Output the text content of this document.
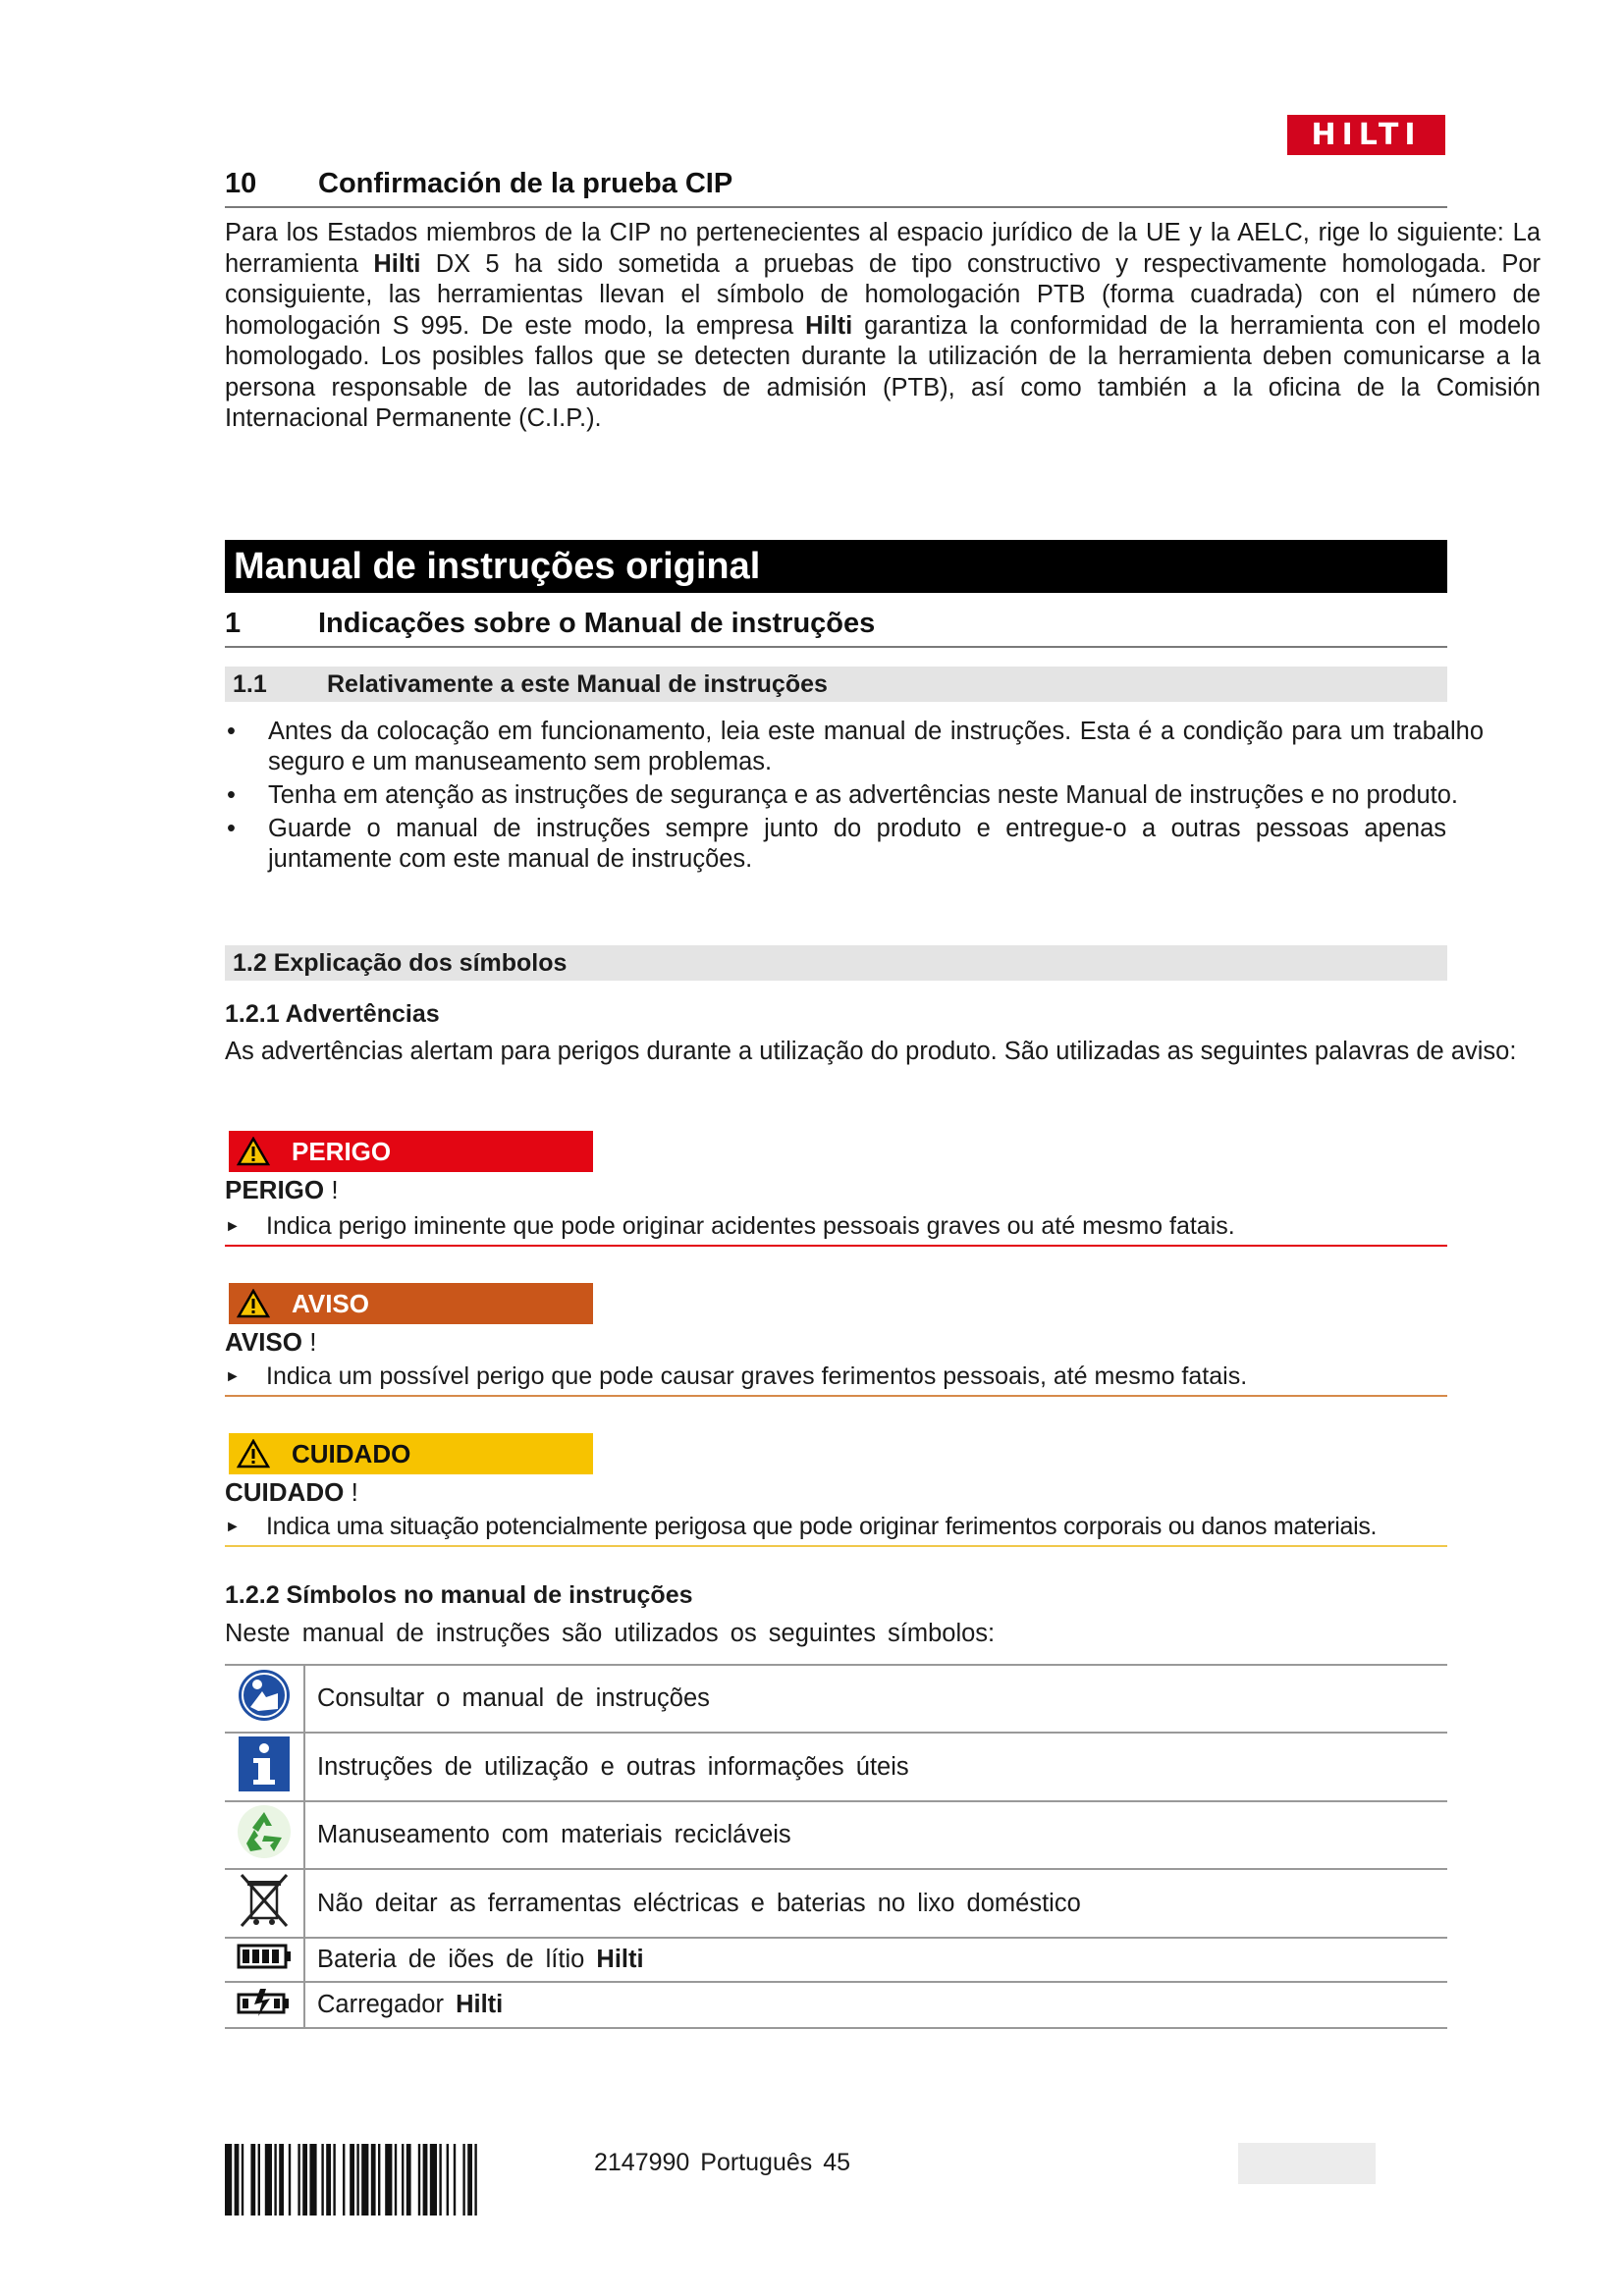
HILTI
10 Confirmación de la prueba CIP
Para los Estados miembros de la CIP no pertenecientes al espacio jurídico de la UE y la AELC, rige lo siguiente: La herramienta Hilti DX 5 ha sido sometida a pruebas de tipo constructivo y respectivamente homologada. Por consiguiente, las herramientas llevan el símbolo de homologación PTB (forma cuadrada) con el número de homologación S 995. De este modo, la empresa Hilti garantiza la conformidad de la herramienta con el modelo homologado. Los posibles fallos que se detecten durante la utilización de la herramienta deben comunicarse a la persona responsable de las autoridades de admisión (PTB), así como también a la oficina de la Comisión Internacional Permanente (C.I.P.).
Manual de instruções original
1	Indicações sobre o Manual de instruções
1.1	Relativamente a este Manual de instruções
• Antes da colocação em funcionamento, leia este manual de instruções. Esta é a condição para um trabalho seguro e um manuseamento sem problemas.
• Tenha em atenção as instruções de segurança e as advertências neste Manual de instruções e no produto.
• Guarde o manual de instruções sempre junto do produto e entregue-o a outras pessoas apenas juntamente com este manual de instruções.
1.2 Explicação dos símbolos
1.2.1 Advertências
As advertências alertam para perigos durante a utilização do produto. São utilizadas as seguintes palavras de aviso:
PERIGO
PERIGO !
► Indica perigo iminente que pode originar acidentes pessoais graves ou até mesmo fatais.
AVISO
AVISO !
► Indica um possível perigo que pode causar graves ferimentos pessoais, até mesmo fatais.
CUIDADO
CUIDADO !
► Indica uma situação potencialmente perigosa que pode originar ferimentos corporais ou danos materiais.
1.2.2 Símbolos no manual de instruções
Neste manual de instruções são utilizados os seguintes símbolos:
	Consultar o manual de instruções
	Instruções de utilização e outras informações úteis
	Manuseamento com materiais recicláveis
	Não deitar as ferramentas eléctricas e baterias no lixo doméstico
	Bateria de iões de lítio Hilti
	Carregador Hilti
2147990 Português 45
